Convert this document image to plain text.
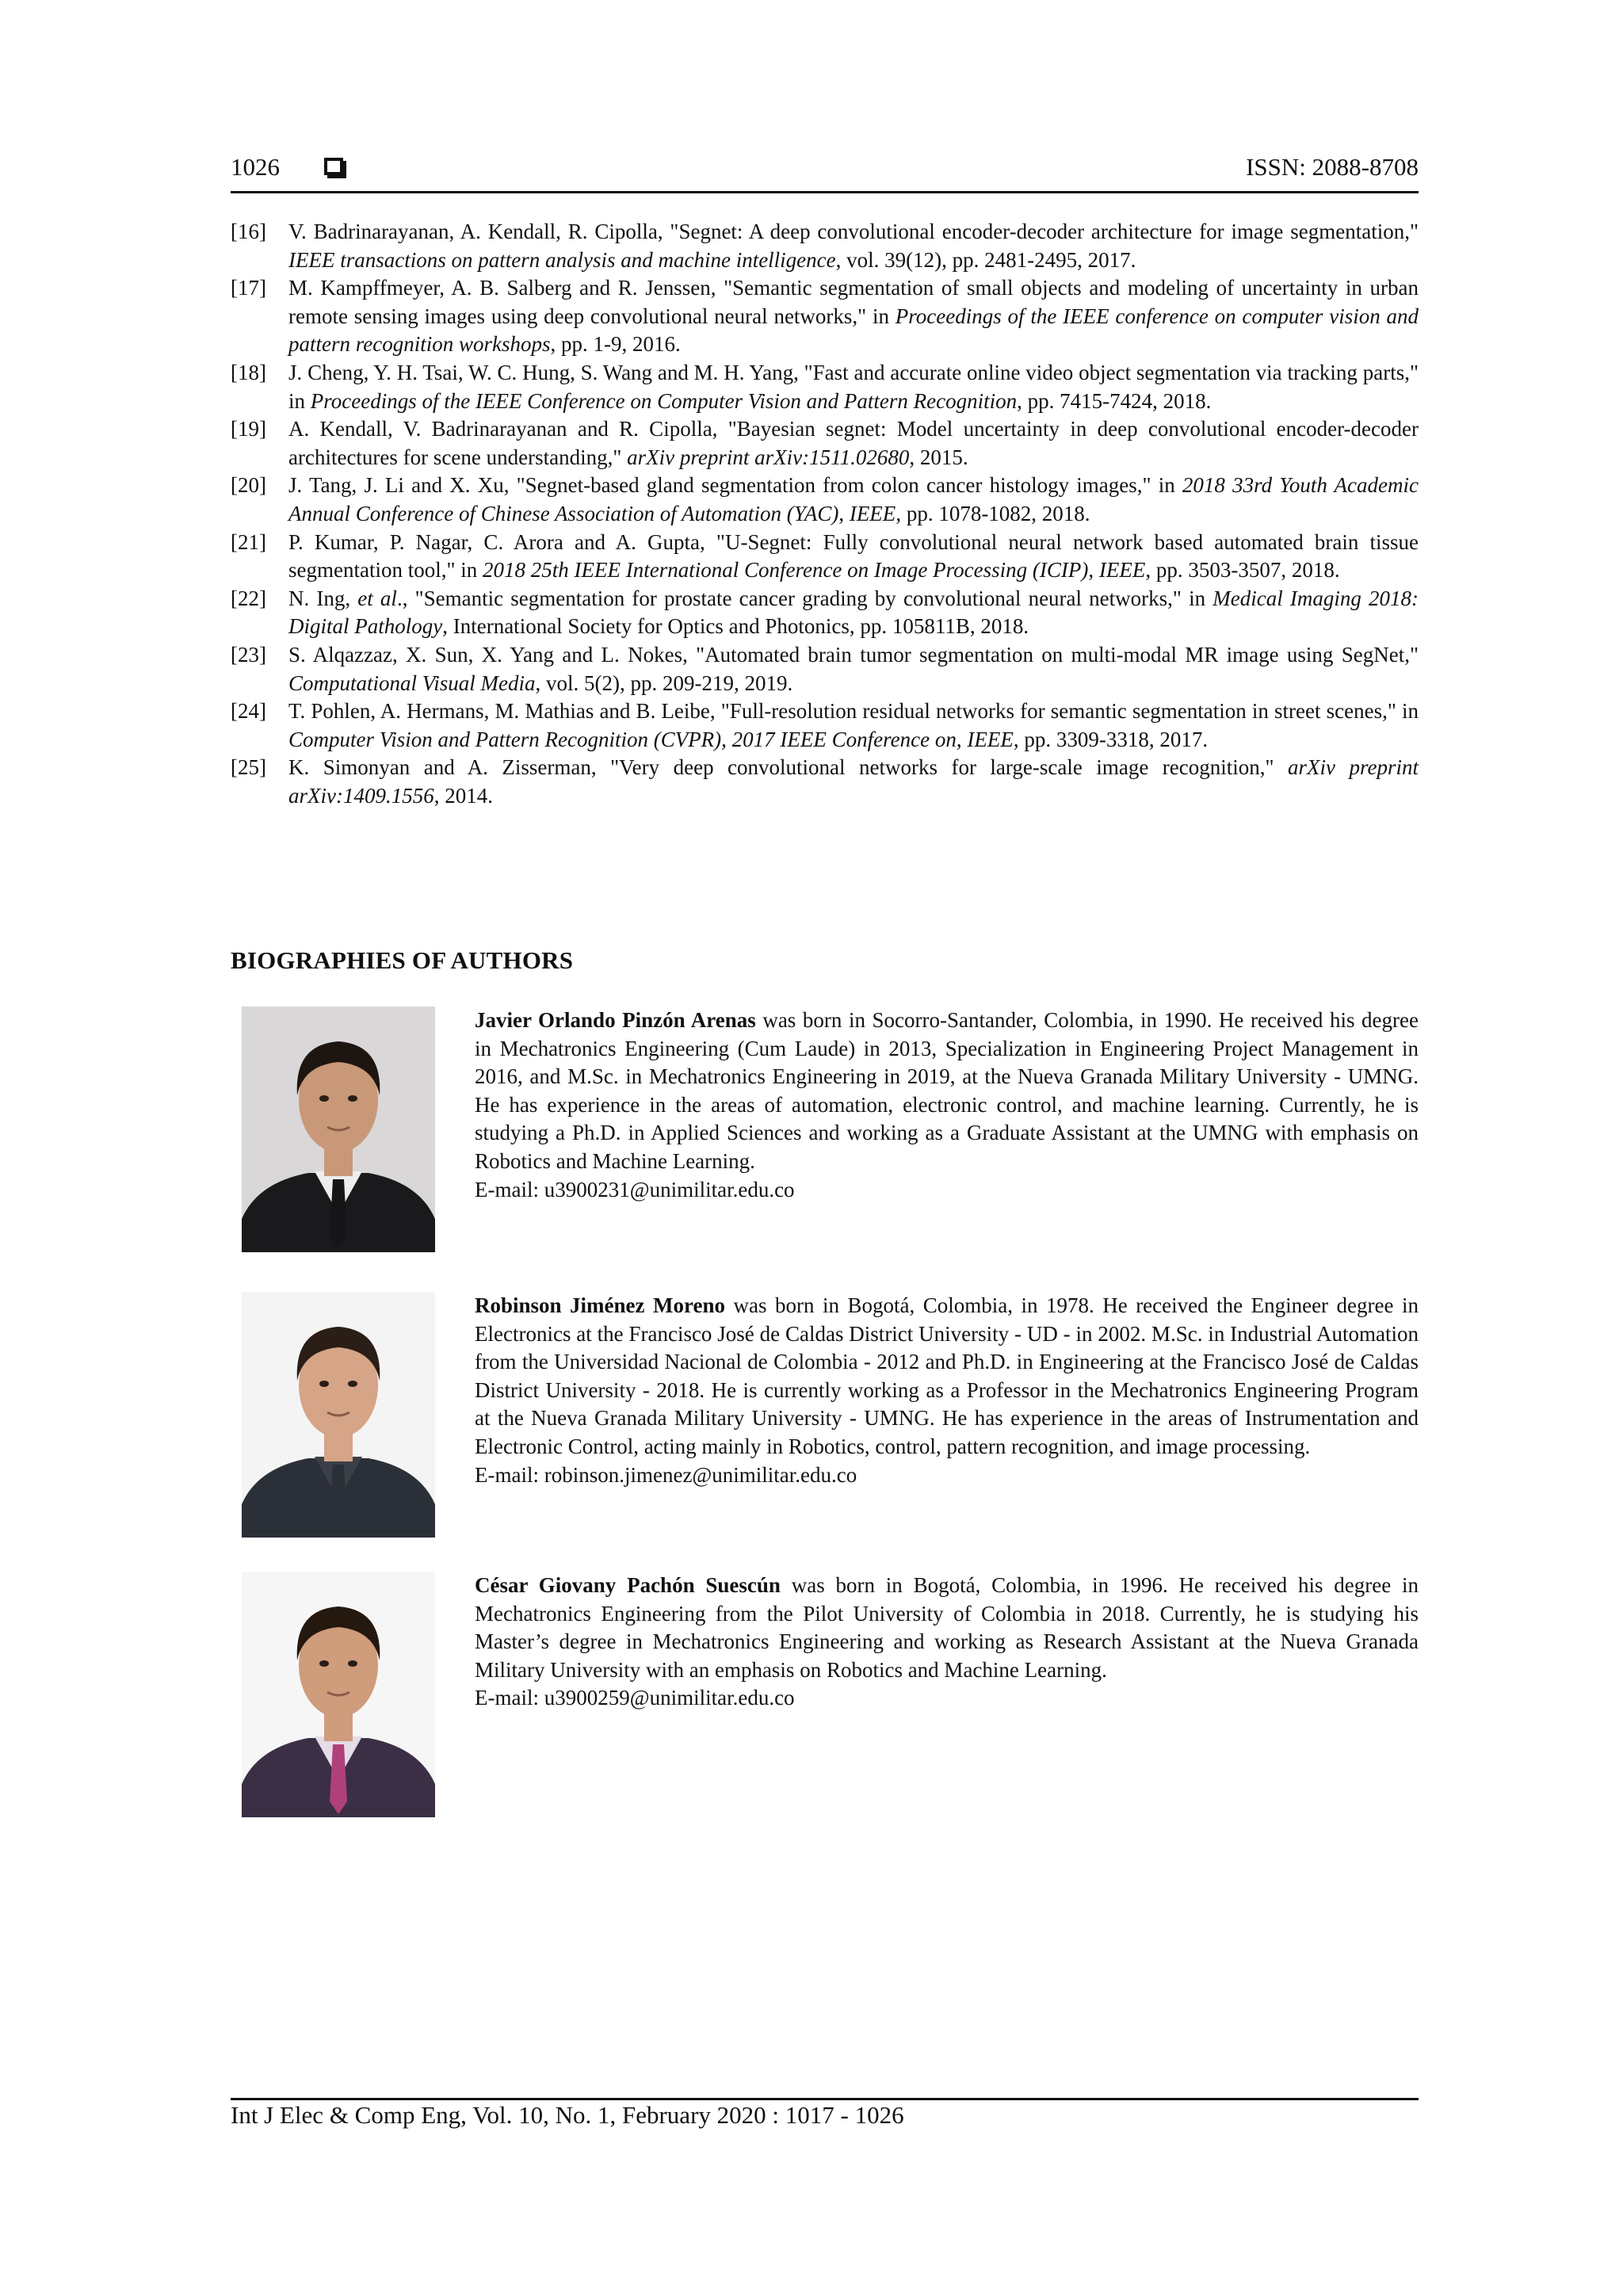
1026	ISSN: 2088-8708
[16] V. Badrinarayanan, A. Kendall, R. Cipolla, "Segnet: A deep convolutional encoder-decoder architecture for image segmentation," IEEE transactions on pattern analysis and machine intelligence, vol. 39(12), pp. 2481-2495, 2017.
[17] M. Kampffmeyer, A. B. Salberg and R. Jenssen, "Semantic segmentation of small objects and modeling of uncertainty in urban remote sensing images using deep convolutional neural networks," in Proceedings of the IEEE conference on computer vision and pattern recognition workshops, pp. 1-9, 2016.
[18] J. Cheng, Y. H. Tsai, W. C. Hung, S. Wang and M. H. Yang, "Fast and accurate online video object segmentation via tracking parts," in Proceedings of the IEEE Conference on Computer Vision and Pattern Recognition, pp. 7415-7424, 2018.
[19] A. Kendall, V. Badrinarayanan and R. Cipolla, "Bayesian segnet: Model uncertainty in deep convolutional encoder-decoder architectures for scene understanding," arXiv preprint arXiv:1511.02680, 2015.
[20] J. Tang, J. Li and X. Xu, "Segnet-based gland segmentation from colon cancer histology images," in 2018 33rd Youth Academic Annual Conference of Chinese Association of Automation (YAC), IEEE, pp. 1078-1082, 2018.
[21] P. Kumar, P. Nagar, C. Arora and A. Gupta, "U-Segnet: Fully convolutional neural network based automated brain tissue segmentation tool," in 2018 25th IEEE International Conference on Image Processing (ICIP), IEEE, pp. 3503-3507, 2018.
[22] N. Ing, et al., "Semantic segmentation for prostate cancer grading by convolutional neural networks," in Medical Imaging 2018: Digital Pathology, International Society for Optics and Photonics, pp. 105811B, 2018.
[23] S. Alqazzaz, X. Sun, X. Yang and L. Nokes, "Automated brain tumor segmentation on multi-modal MR image using SegNet," Computational Visual Media, vol. 5(2), pp. 209-219, 2019.
[24] T. Pohlen, A. Hermans, M. Mathias and B. Leibe, "Full-resolution residual networks for semantic segmentation in street scenes," in Computer Vision and Pattern Recognition (CVPR), 2017 IEEE Conference on, IEEE, pp. 3309-3318, 2017.
[25] K. Simonyan and A. Zisserman, "Very deep convolutional networks for large-scale image recognition," arXiv preprint arXiv:1409.1556, 2014.
BIOGRAPHIES OF AUTHORS
Javier Orlando Pinzón Arenas was born in Socorro-Santander, Colombia, in 1990. He received his degree in Mechatronics Engineering (Cum Laude) in 2013, Specialization in Engineering Project Management in 2016, and M.Sc. in Mechatronics Engineering in 2019, at the Nueva Granada Military University - UMNG. He has experience in the areas of automation, electronic control, and machine learning. Currently, he is studying a Ph.D. in Applied Sciences and working as a Graduate Assistant at the UMNG with emphasis on Robotics and Machine Learning.
E-mail: u3900231@unimilitar.edu.co
Robinson Jiménez Moreno was born in Bogotá, Colombia, in 1978. He received the Engineer degree in Electronics at the Francisco José de Caldas District University - UD - in 2002. M.Sc. in Industrial Automation from the Universidad Nacional de Colombia - 2012 and Ph.D. in Engineering at the Francisco José de Caldas District University - 2018. He is currently working as a Professor in the Mechatronics Engineering Program at the Nueva Granada Military University - UMNG. He has experience in the areas of Instrumentation and Electronic Control, acting mainly in Robotics, control, pattern recognition, and image processing.
E-mail: robinson.jimenez@unimilitar.edu.co
César Giovany Pachón Suescún was born in Bogotá, Colombia, in 1996. He received his degree in Mechatronics Engineering from the Pilot University of Colombia in 2018. Currently, he is studying his Master’s degree in Mechatronics Engineering and working as Research Assistant at the Nueva Granada Military University with an emphasis on Robotics and Machine Learning.
E-mail: u3900259@unimilitar.edu.co
Int J Elec & Comp Eng, Vol. 10, No. 1, February 2020 : 1017 - 1026
